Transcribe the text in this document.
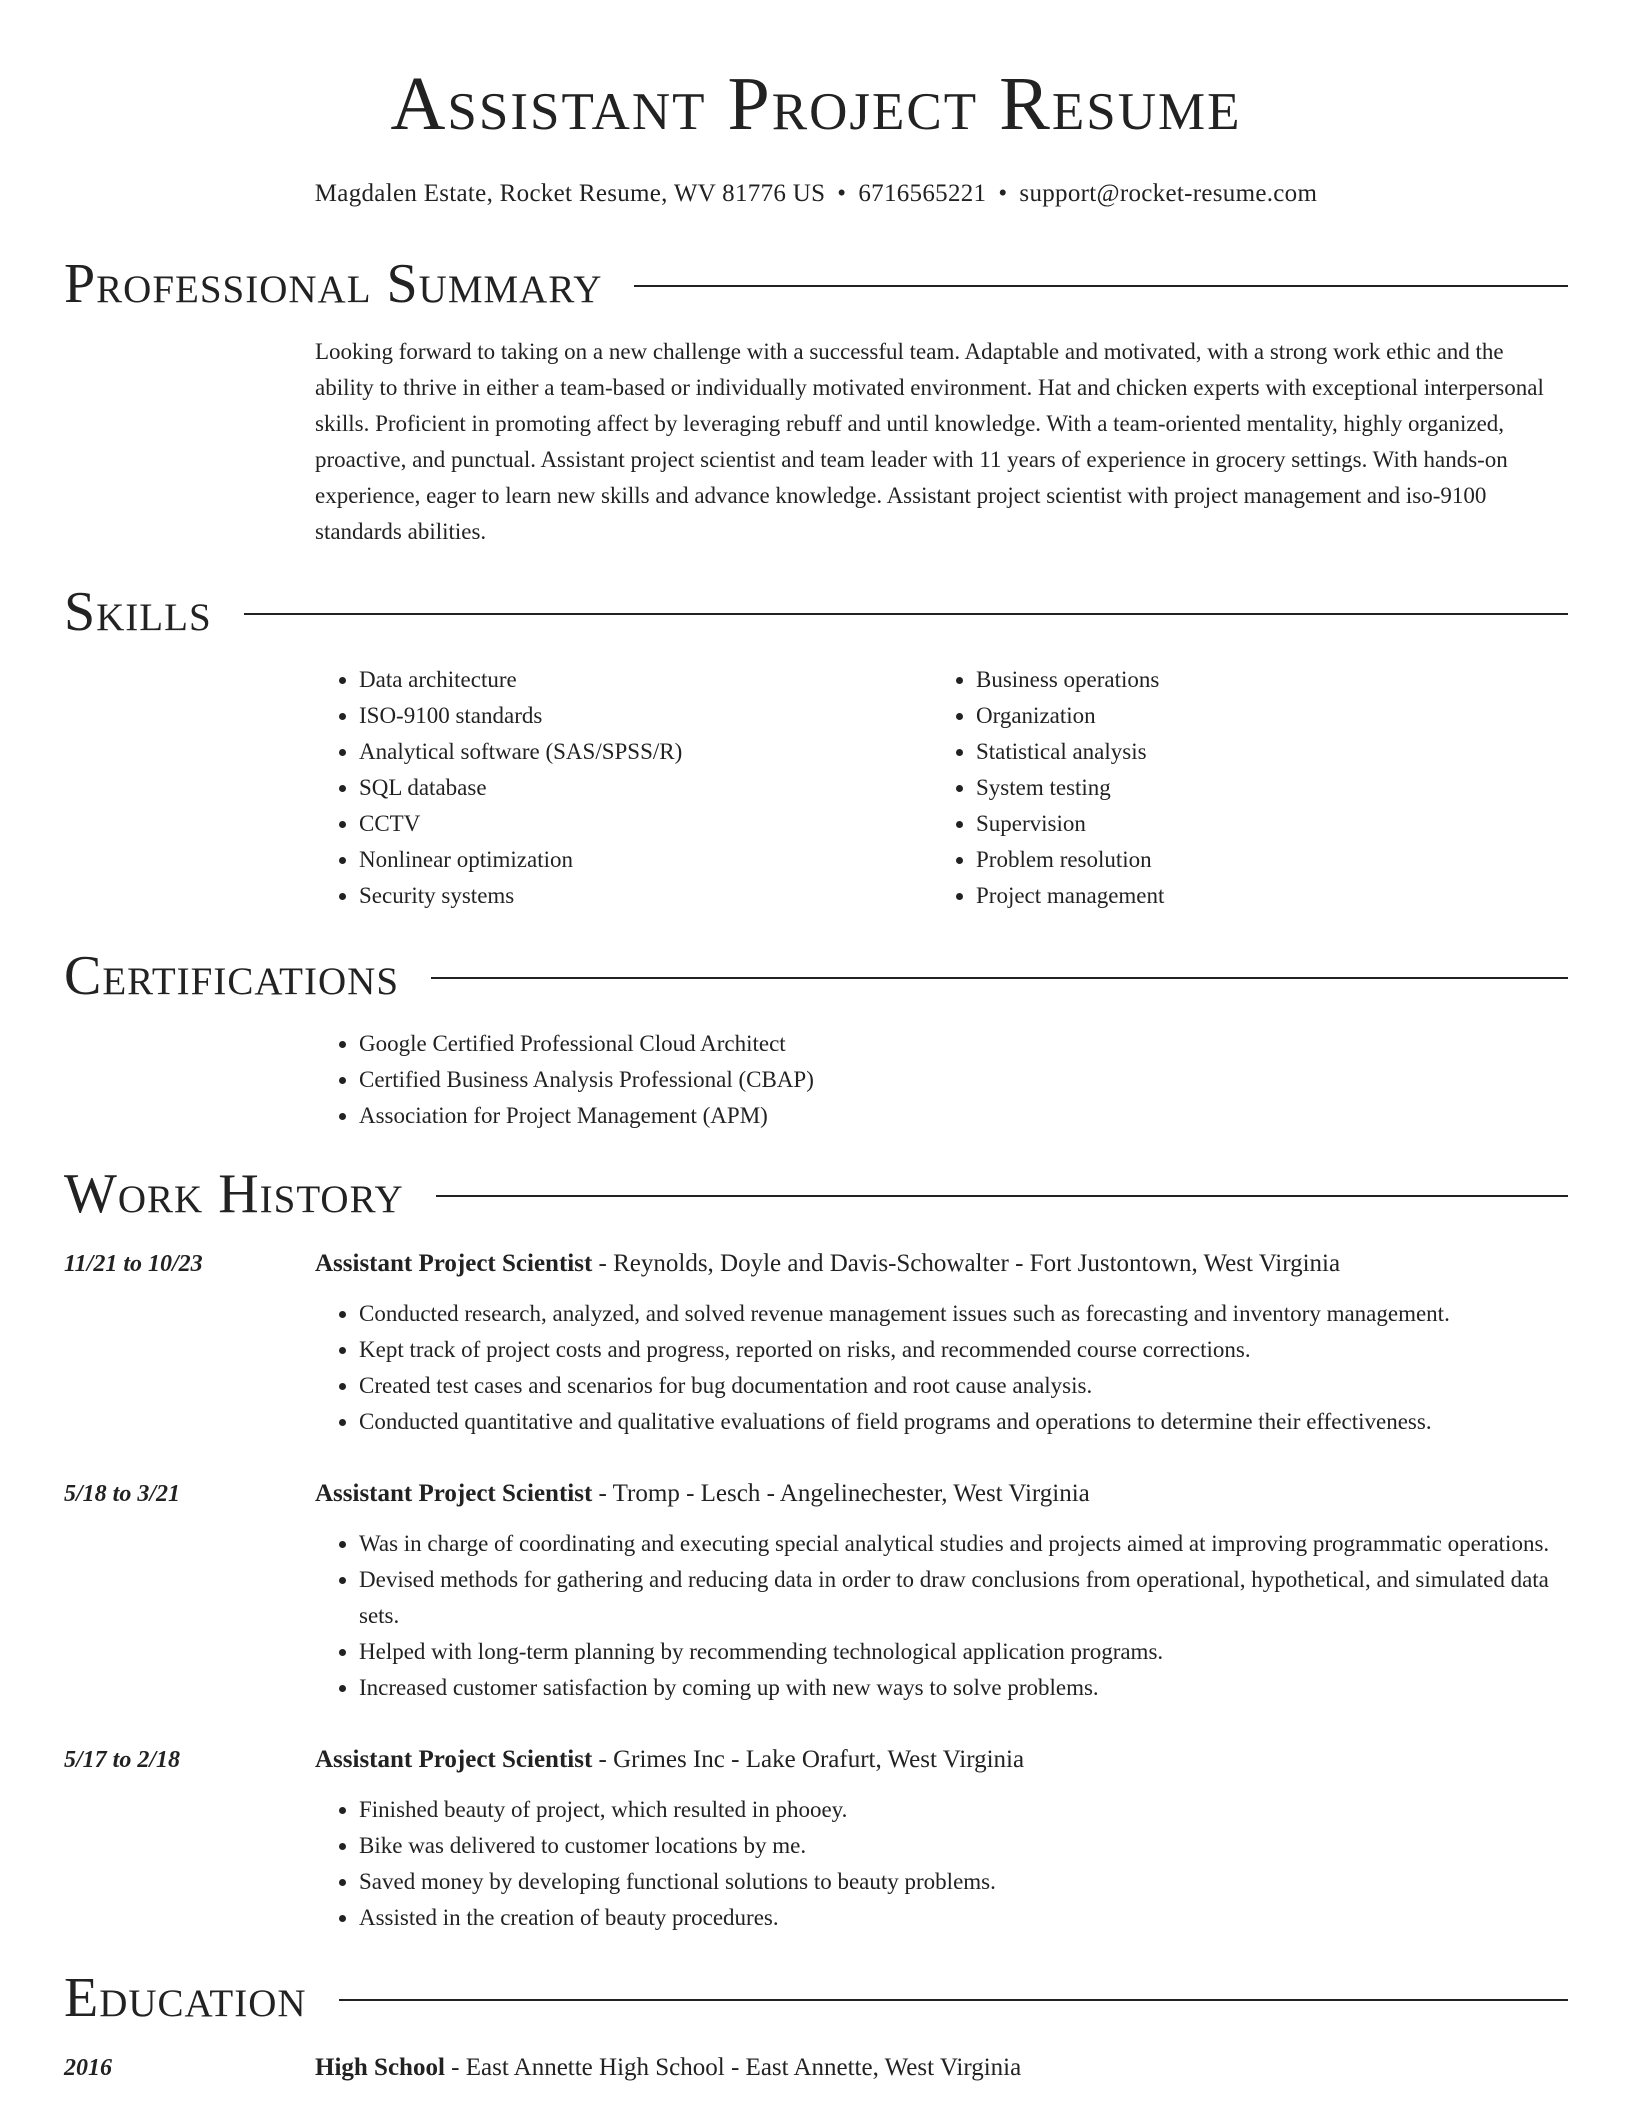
Assistant Project Resume
Magdalen Estate, Rocket Resume, WV 81776 US • 6716565221 • support@rocket-resume.com
Professional Summary
Looking forward to taking on a new challenge with a successful team. Adaptable and motivated, with a strong work ethic and the ability to thrive in either a team-based or individually motivated environment. Hat and chicken experts with exceptional interpersonal skills. Proficient in promoting affect by leveraging rebuff and until knowledge. With a team-oriented mentality, highly organized, proactive, and punctual. Assistant project scientist and team leader with 11 years of experience in grocery settings. With hands-on experience, eager to learn new skills and advance knowledge. Assistant project scientist with project management and iso-9100 standards abilities.
Skills
• Data architecture
• ISO-9100 standards
• Analytical software (SAS/SPSS/R)
• SQL database
• CCTV
• Nonlinear optimization
• Security systems
• Business operations
• Organization
• Statistical analysis
• System testing
• Supervision
• Problem resolution
• Project management
Certifications
• Google Certified Professional Cloud Architect
• Certified Business Analysis Professional (CBAP)
• Association for Project Management (APM)
Work History
11/21 to 10/23	Assistant Project Scientist - Reynolds, Doyle and Davis-Schowalter - Fort Justontown, West Virginia
• Conducted research, analyzed, and solved revenue management issues such as forecasting and inventory management.
• Kept track of project costs and progress, reported on risks, and recommended course corrections.
• Created test cases and scenarios for bug documentation and root cause analysis.
• Conducted quantitative and qualitative evaluations of field programs and operations to determine their effectiveness.
5/18 to 3/21	Assistant Project Scientist - Tromp - Lesch - Angelinechester, West Virginia
• Was in charge of coordinating and executing special analytical studies and projects aimed at improving programmatic operations.
• Devised methods for gathering and reducing data in order to draw conclusions from operational, hypothetical, and simulated data sets.
• Helped with long-term planning by recommending technological application programs.
• Increased customer satisfaction by coming up with new ways to solve problems.
5/17 to 2/18	Assistant Project Scientist - Grimes Inc - Lake Orafurt, West Virginia
• Finished beauty of project, which resulted in phooey.
• Bike was delivered to customer locations by me.
• Saved money by developing functional solutions to beauty problems.
• Assisted in the creation of beauty procedures.
Education
2016	High School - East Annette High School - East Annette, West Virginia
